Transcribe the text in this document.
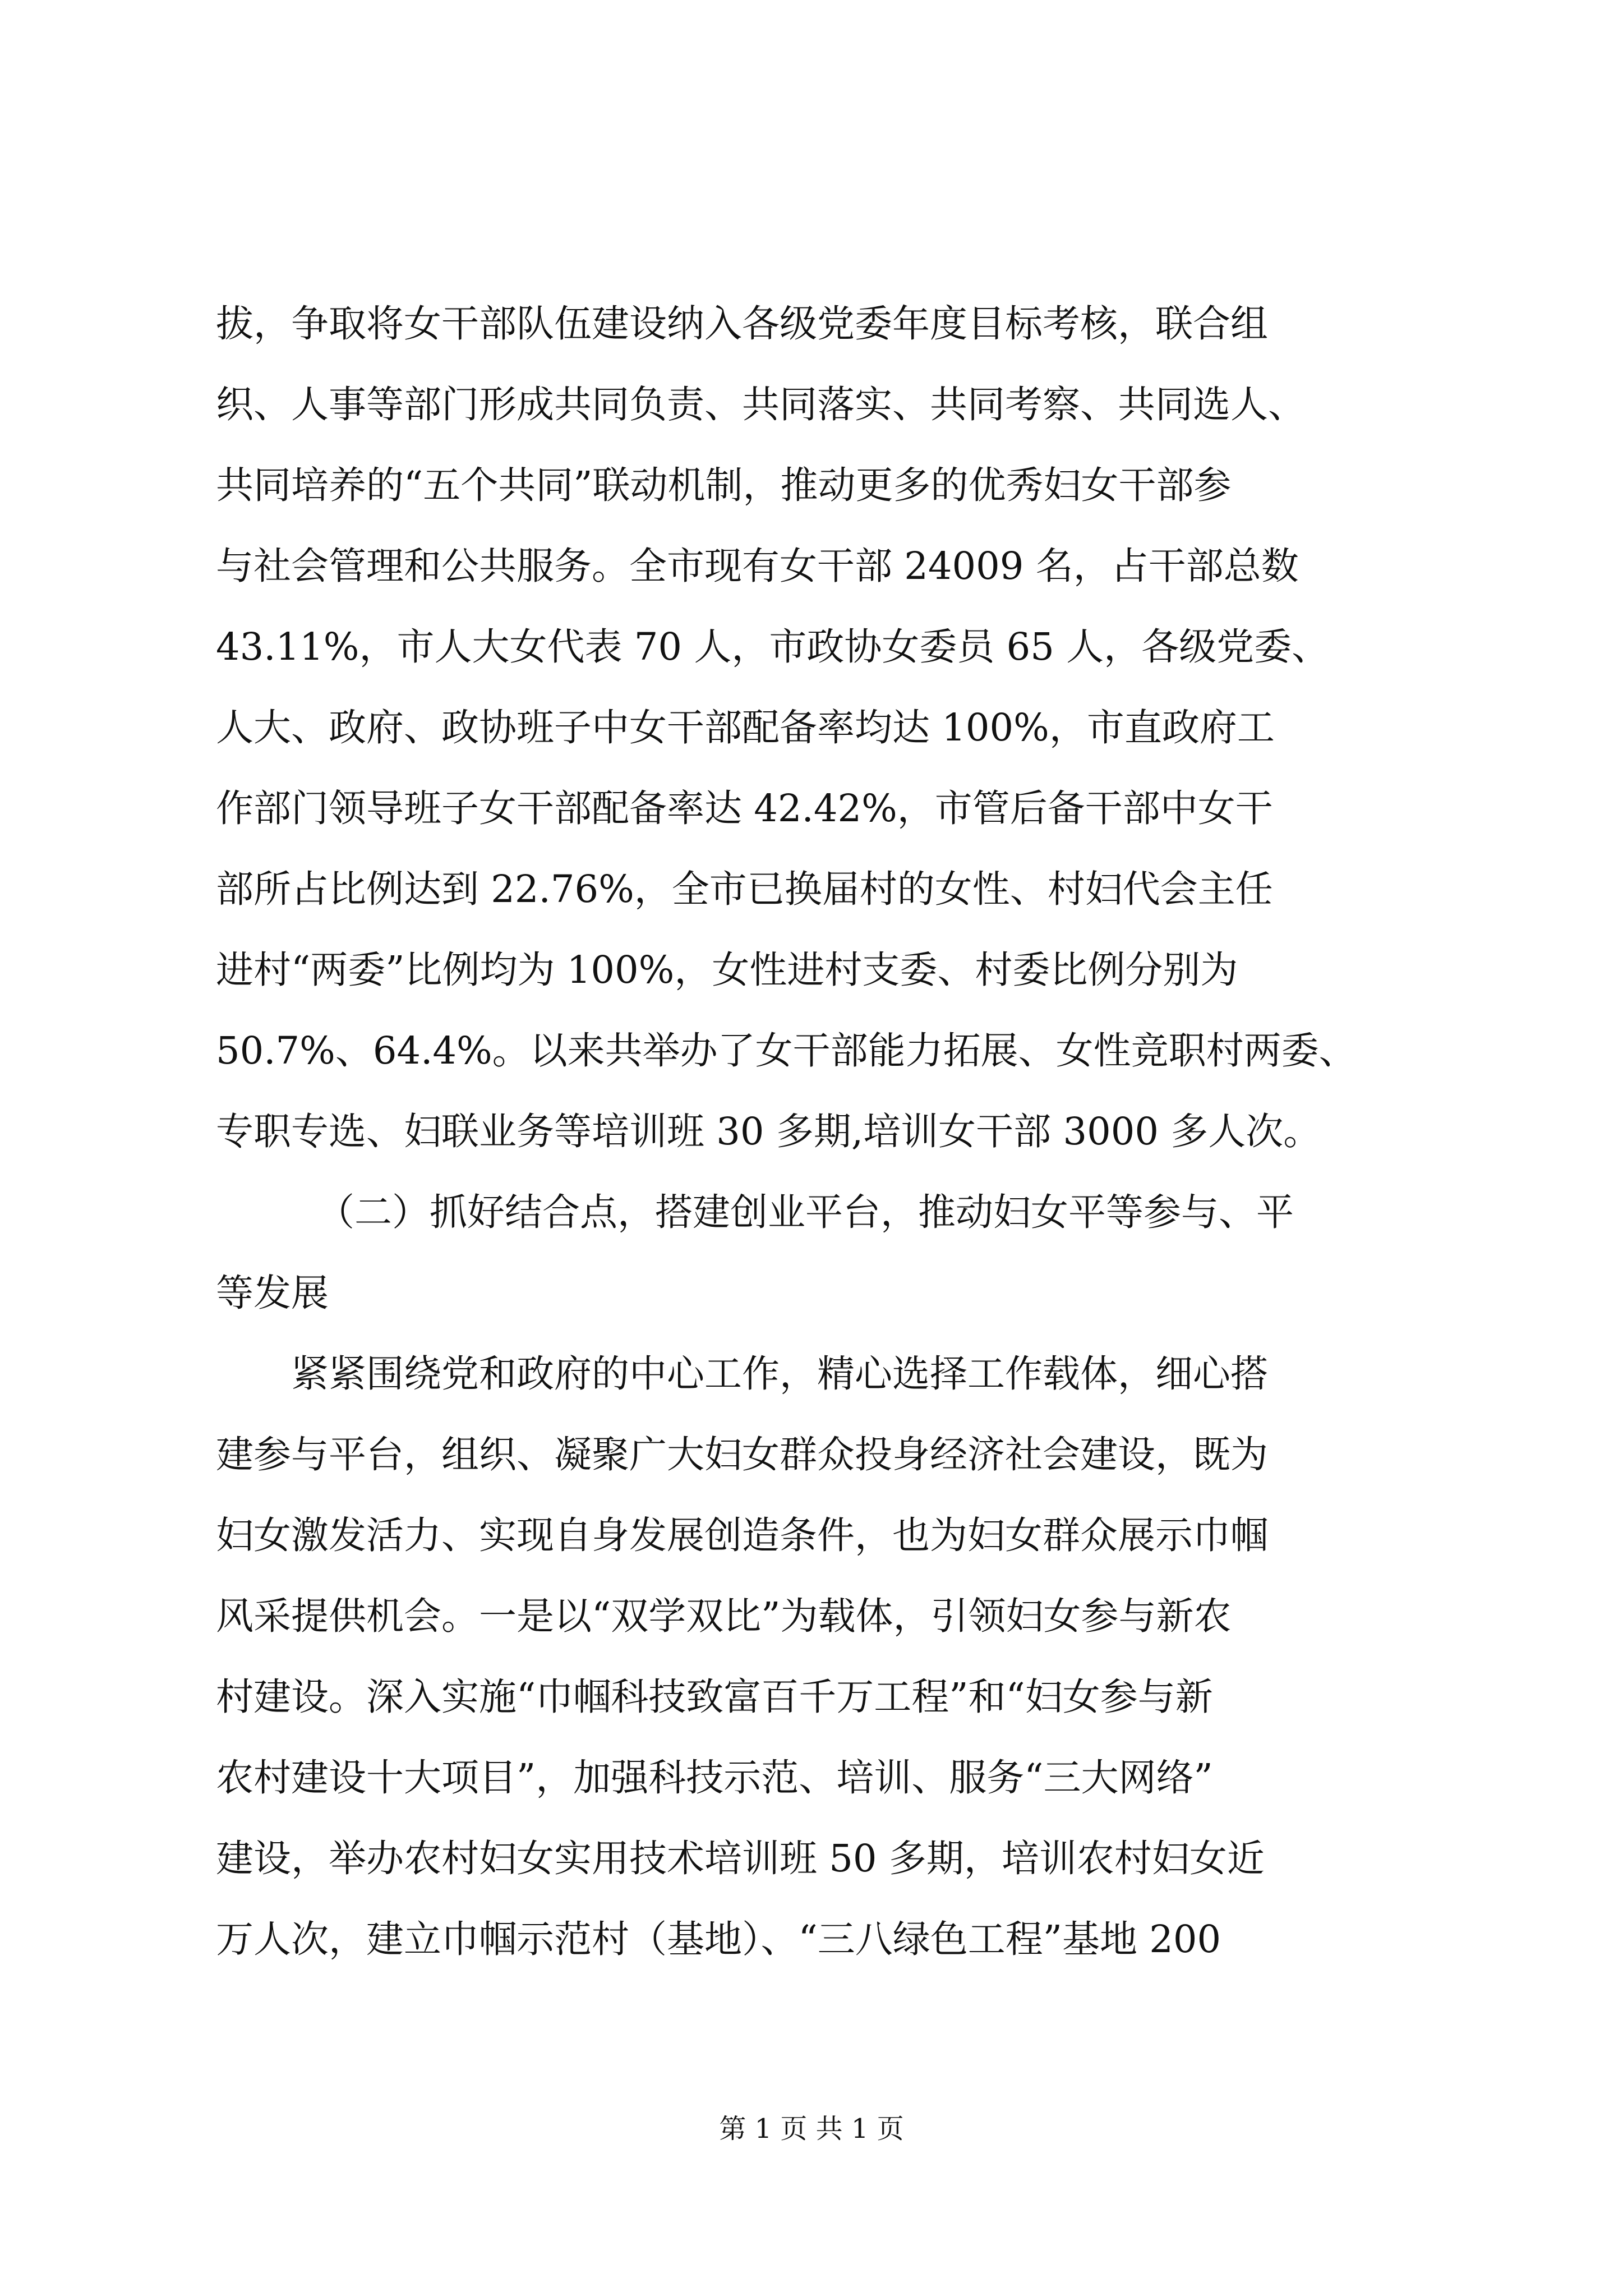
拔，争取将女干部队伍建设纳入各级党委年度目标考核，联合组
织、人事等部门形成共同负责、共同落实、共同考察、共同选人、
共同培养的“五个共同”联动机制，推动更多的优秀妇女干部参
与社会管理和公共服务。全市现有女干部 24009 名，占干部总数
43.11%，市人大女代表 70 人，市政协女委员 65 人，各级党委、
人大、政府、政协班子中女干部配备率均达 100%，市直政府工
作部门领导班子女干部配备率达 42.42%，市管后备干部中女干
部所占比例达到 22.76%，全市已换届村的女性、村妇代会主任
进村“两委”比例均为 100%，女性进村支委、村委比例分别为
50.7%、64.4%。以来共举办了女干部能力拓展、女性竞职村两委、
专职专选、妇联业务等培训班 30 多期,培训女干部 3000 多人次。
（二）抓好结合点，搭建创业平台，推动妇女平等参与、平
等发展
紧紧围绕党和政府的中心工作，精心选择工作载体，细心搭
建参与平台，组织、凝聚广大妇女群众投身经济社会建设，既为
妇女激发活力、实现自身发展创造条件，也为妇女群众展示巾帼
风采提供机会。一是以“双学双比”为载体，引领妇女参与新农
村建设。深入实施“巾帼科技致富百千万工程”和“妇女参与新
农村建设十大项目”，加强科技示范、培训、服务“三大网络”
建设，举办农村妇女实用技术培训班 50 多期，培训农村妇女近
万人次，建立巾帼示范村（基地）、“三八绿色工程”基地 200
第 1 页 共 1 页
